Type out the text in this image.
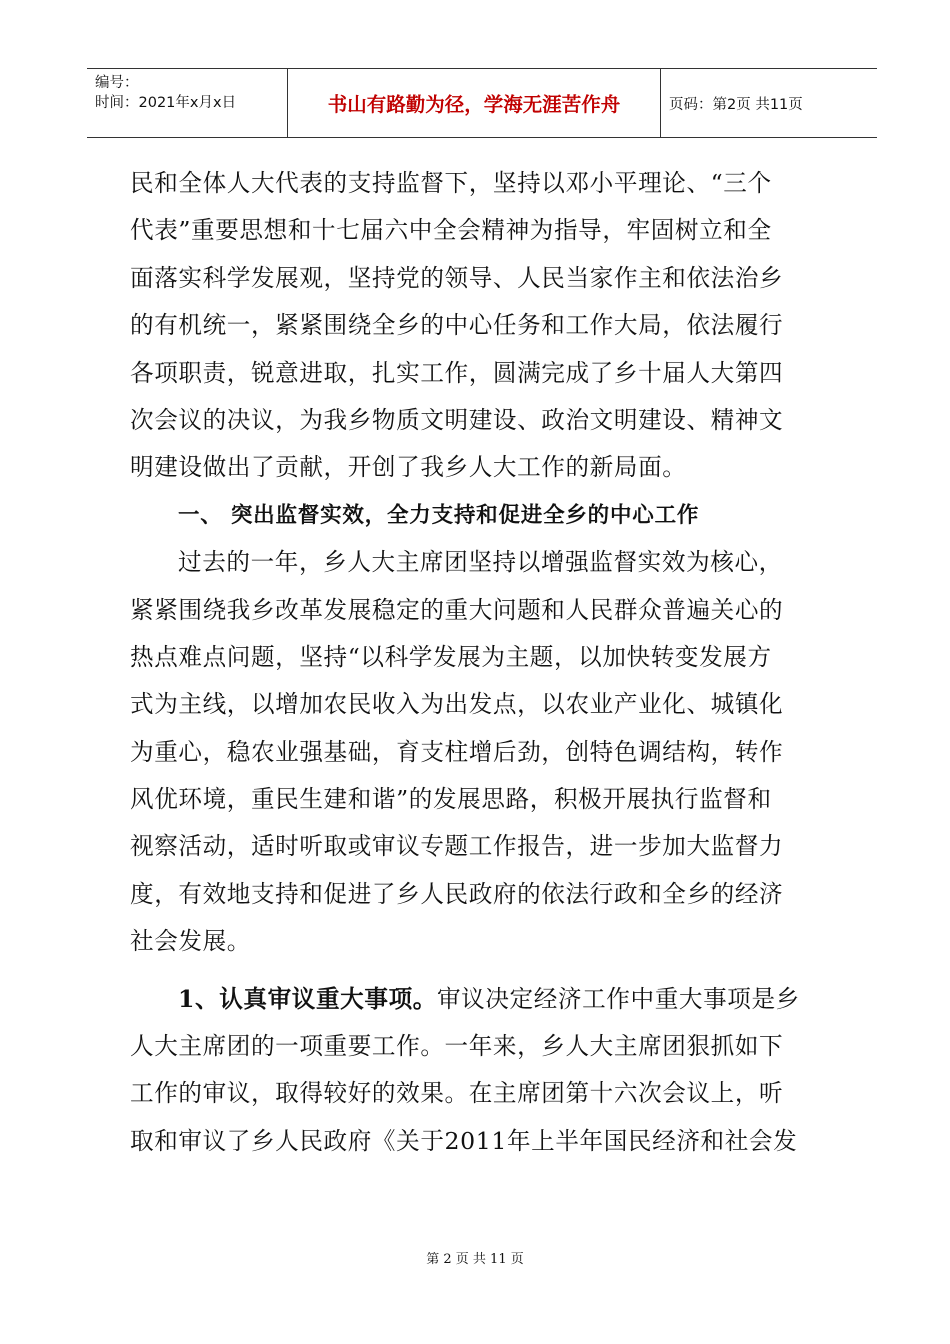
编号：
时间：2021年x月x日	书山有路勤为径，学海无涯苦作舟	页码：第2页 共11页
民和全体人大代表的支持监督下，坚持以邓小平理论、“三个
代表”重要思想和十七届六中全会精神为指导，牢固树立和全
面落实科学发展观，坚持党的领导、人民当家作主和依法治乡
的有机统一，紧紧围绕全乡的中心任务和工作大局，依法履行
各项职责，锐意进取，扎实工作，圆满完成了乡十届人大第四
次会议的决议，为我乡物质文明建设、政治文明建设、精神文
明建设做出了贡献，开创了我乡人大工作的新局面。
一、 突出监督实效，全力支持和促进全乡的中心工作
过去的一年，乡人大主席团坚持以增强监督实效为核心，
紧紧围绕我乡改革发展稳定的重大问题和人民群众普遍关心的
热点难点问题，坚持“以科学发展为主题，以加快转变发展方
式为主线，以增加农民收入为出发点，以农业产业化、城镇化
为重心，稳农业强基础，育支柱增后劲，创特色调结构，转作
风优环境，重民生建和谐”的发展思路，积极开展执行监督和
视察活动，适时听取或审议专题工作报告，进一步加大监督力
度，有效地支持和促进了乡人民政府的依法行政和全乡的经济
社会发展。
1、认真审议重大事项。审议决定经济工作中重大事项是乡
人大主席团的一项重要工作。一年来，乡人大主席团狠抓如下
工作的审议，取得较好的效果。在主席团第十六次会议上，听
取和审议了乡人民政府《关于2011年上半年国民经济和社会发
第 2 页 共 11 页
